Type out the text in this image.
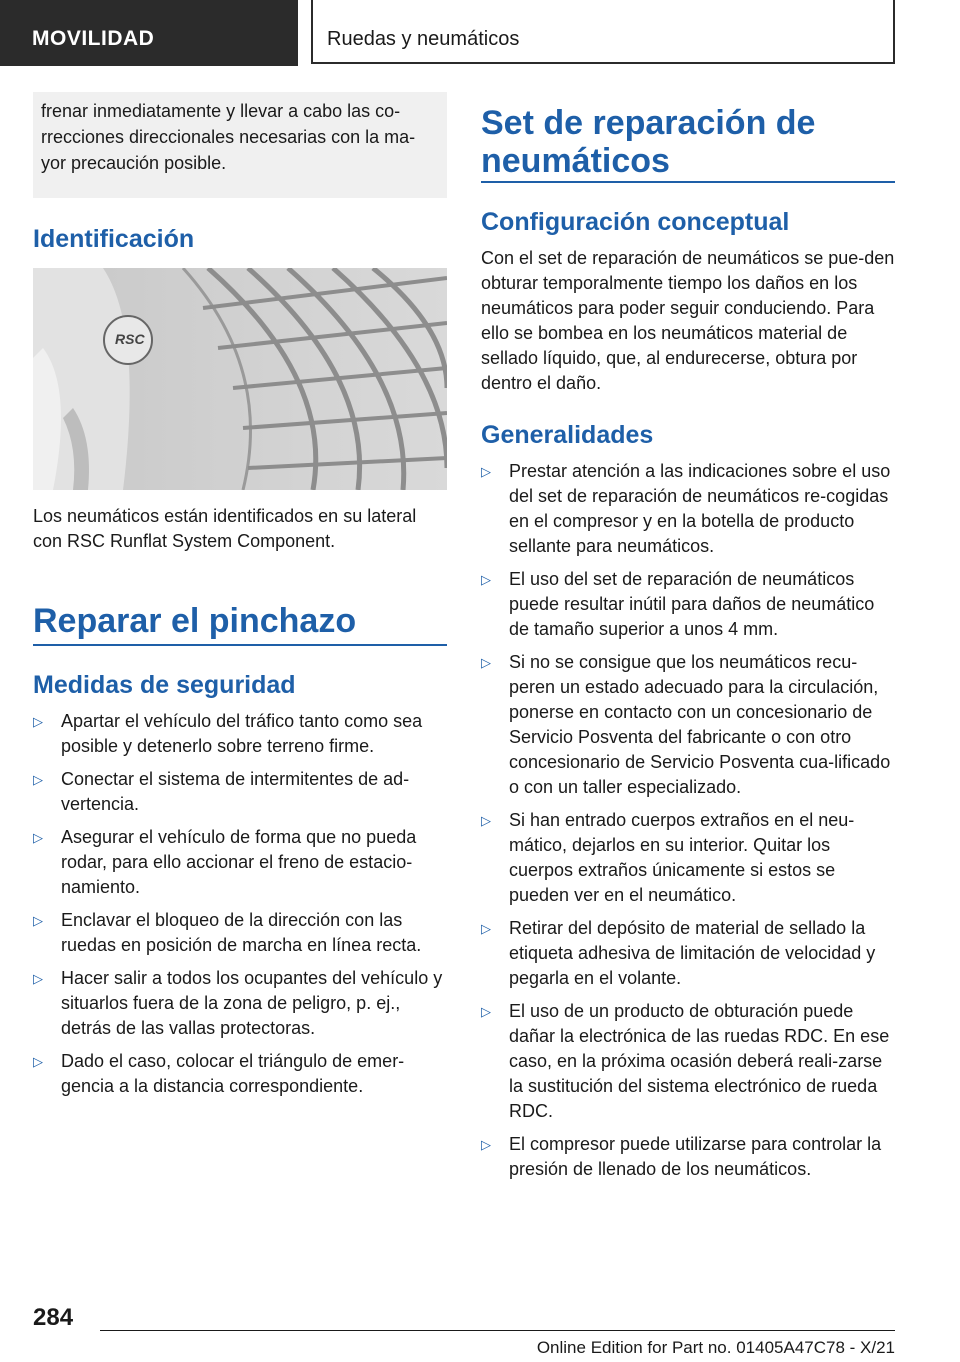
MOVILIDAD	Ruedas y neumáticos
frenar inmediatamente y llevar a cabo las co-rrecciones direccionales necesarias con la ma-yor precaución posible.
Identificación
RSC
Los neumáticos están identificados en su lateral con RSC Runflat System Component.
Reparar el pinchazo
Medidas de seguridad
▷ Apartar el vehículo del tráfico tanto como sea posible y detenerlo sobre terreno firme.
▷ Conectar el sistema de intermitentes de ad-vertencia.
▷ Asegurar el vehículo de forma que no pueda rodar, para ello accionar el freno de estacio-namiento.
▷ Enclavar el bloqueo de la dirección con las ruedas en posición de marcha en línea recta.
▷ Hacer salir a todos los ocupantes del vehículo y situarlos fuera de la zona de peligro, p. ej., detrás de las vallas protectoras.
▷ Dado el caso, colocar el triángulo de emer-gencia a la distancia correspondiente.
Set de reparación de neumáticos
Configuración conceptual
Con el set de reparación de neumáticos se pue-den obturar temporalmente tiempo los daños en los neumáticos para poder seguir conduciendo. Para ello se bombea en los neumáticos material de sellado líquido, que, al endurecerse, obtura por dentro el daño.
Generalidades
▷ Prestar atención a las indicaciones sobre el uso del set de reparación de neumáticos re-cogidas en el compresor y en la botella de producto sellante para neumáticos.
▷ El uso del set de reparación de neumáticos puede resultar inútil para daños de neumático de tamaño superior a unos 4 mm.
▷ Si no se consigue que los neumáticos recu-peren un estado adecuado para la circulación, ponerse en contacto con un concesionario de Servicio Posventa del fabricante o con otro concesionario de Servicio Posventa cua-lificado o con un taller especializado.
▷ Si han entrado cuerpos extraños en el neu-mático, dejarlos en su interior. Quitar los cuerpos extraños únicamente si estos se pueden ver en el neumático.
▷ Retirar del depósito de material de sellado la etiqueta adhesiva de limitación de velocidad y pegarla en el volante.
▷ El uso de un producto de obturación puede dañar la electrónica de las ruedas RDC. En ese caso, en la próxima ocasión deberá reali-zarse la sustitución del sistema electrónico de rueda RDC.
▷ El compresor puede utilizarse para controlar la presión de llenado de los neumáticos.
284
Online Edition for Part no. 01405A47C78 - X/21
